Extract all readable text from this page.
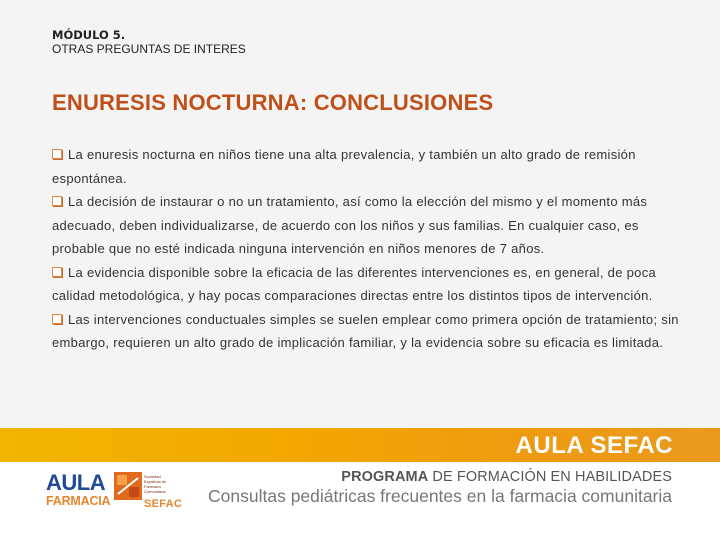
MÓDULO 5.
OTRAS PREGUNTAS DE INTERES
ENURESIS NOCTURNA: CONCLUSIONES

La enuresis nocturna en niños tiene una alta prevalencia, y también un alto grado de remisión espontánea.

La decisión de instaurar o no un tratamiento, así como la elección del mismo y el momento más adecuado, deben individualizarse, de acuerdo con los niños y sus familias. En cualquier caso, es probable que no esté indicada ninguna intervención en niños menores de 7 años.

La evidencia disponible sobre la eficacia de las diferentes intervenciones es, en general, de poca calidad metodológica, y hay pocas comparaciones directas entre los distintos tipos de intervención.

Las intervenciones conductuales simples se suelen emplear como primera opción de tratamiento; sin embargo, requieren un alto grado de implicación familiar, y la evidencia sobre su eficacia es limitada.

AULA SEFAC
AULA
FARMACIA
Sociedad Española de Farmacia Comunitaria
SEFAC
PROGRAMA DE FORMACIÓN EN HABILIDADES
Consultas pediátricas frecuentes en la farmacia comunitaria
